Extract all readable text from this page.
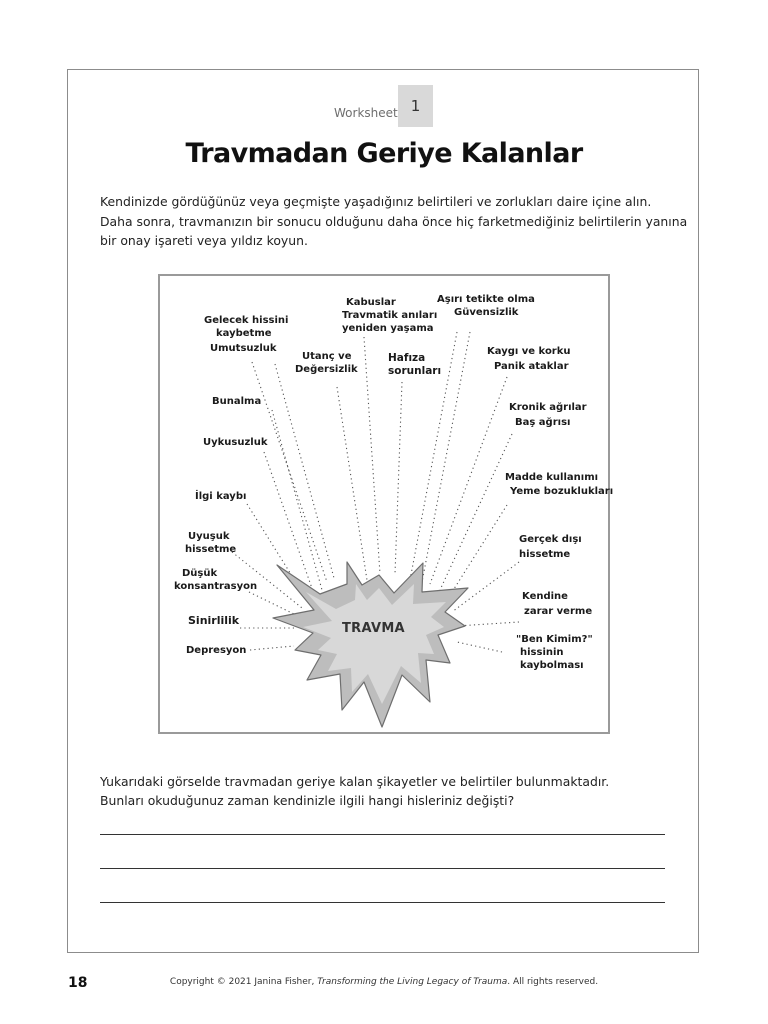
Worksheet 1
Travmadan Geriye Kalanlar

Kendinizde gördüğünüz veya geçmişte yaşadığınız belirtileri ve zorlukları daire içine alın.

Daha sonra, travmanızın bir sonucu olduğunu daha önce hiç farketmediğiniz belirtilerin yanına bir onay işareti veya yıldız koyun.

Gelecek hissini
kaybetme
Umutsuzluk
Kabuslar
Travmatik anıları
yeniden yaşama
Aşırı tetikte olma
Güvensizlik
Utanç ve
Değersizlik
Hafıza
sorunları
Kaygı ve korku
Panik ataklar
Bunalma
Kronik ağrılar
Baş ağrısı
Uykusuzluk
Madde kullanımı
Yeme bozuklukları
İlgi kaybı
Gerçek dışı
hissetme
Uyuşuk
hissetme
Düşük
konsantrasyon
Kendine
zarar verme
Sinirlilik
"Ben Kimim?"
hissinin
kaybolması
Depresyon
TRAVMA

Yukarıdaki görselde travmadan geriye kalan şikayetler ve belirtiler bulunmaktadır.

Bunları okuduğunuz zaman kendinizle ilgili hangi hisleriniz değişti?

18	Copyright © 2021 Janina Fisher, Transforming the Living Legacy of Trauma. All rights reserved.
